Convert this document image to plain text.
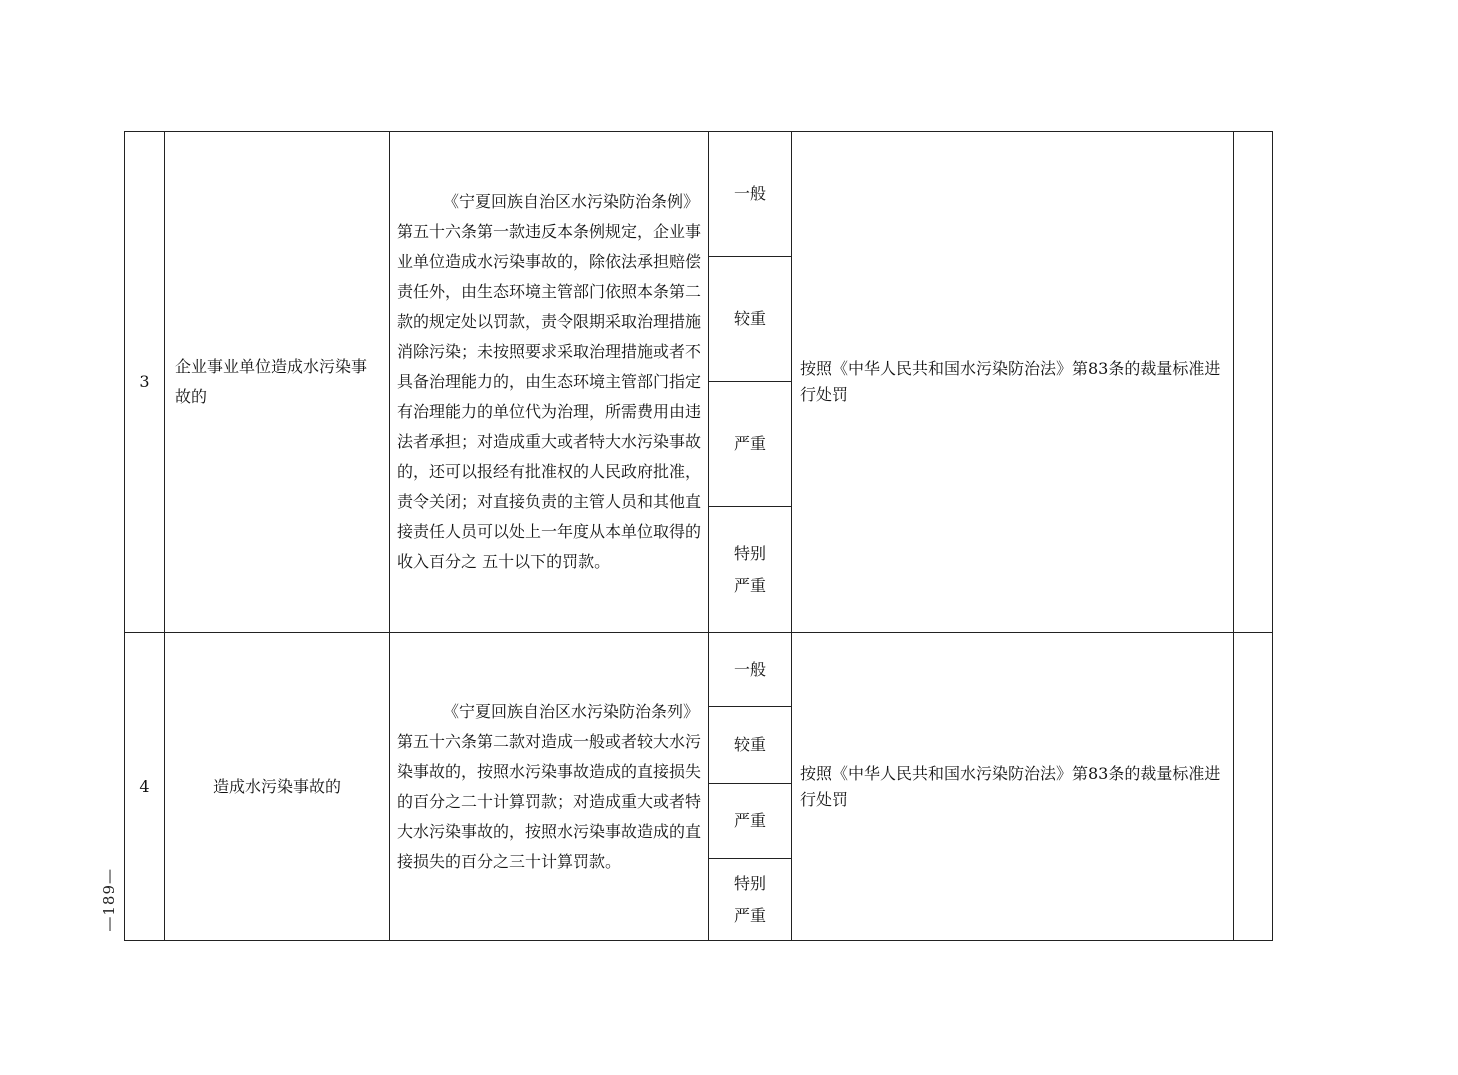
3	企业事业单位造成水污染事故的	《宁夏回族自治区水污染防治条例》第五十六条第一款违反本条例规定，企业事业单位造成水污染事故的，除依法承担赔偿责任外，由生态环境主管部门依照本条第二款的规定处以罚款，责令限期采取治理措施消除污染；未按照要求采取治理措施或者不具备治理能力的，由生态环境主管部门指定有治理能力的单位代为治理，所需费用由违法者承担；对造成重大或者特大水污染事故的，还可以报经有批准权的人民政府批准，责令关闭；对直接负责的主管人员和其他直接责任人员可以处上一年度从本单位取得的收入百分之 五十以下的罚款。	一般	按照《中华人民共和国水污染防治法》第83条的裁量标准进行处罚	
			较重		
			严重		

			特别严重		

4	造成水污染事故的	《宁夏回族自治区水污染防治条列》第五十六条第二款对造成一般或者较大水污染事故的，按照水污染事故造成的直接损失的百分之二十计算罚款；对造成重大或者特大水污染事故的，按照水污染事故造成的直接损失的百分之三十计算罚款。	一般	按照《中华人民共和国水污染防治法》第83条的裁量标准进行处罚	
			较重		
			严重		

			特别严重		
—189—
